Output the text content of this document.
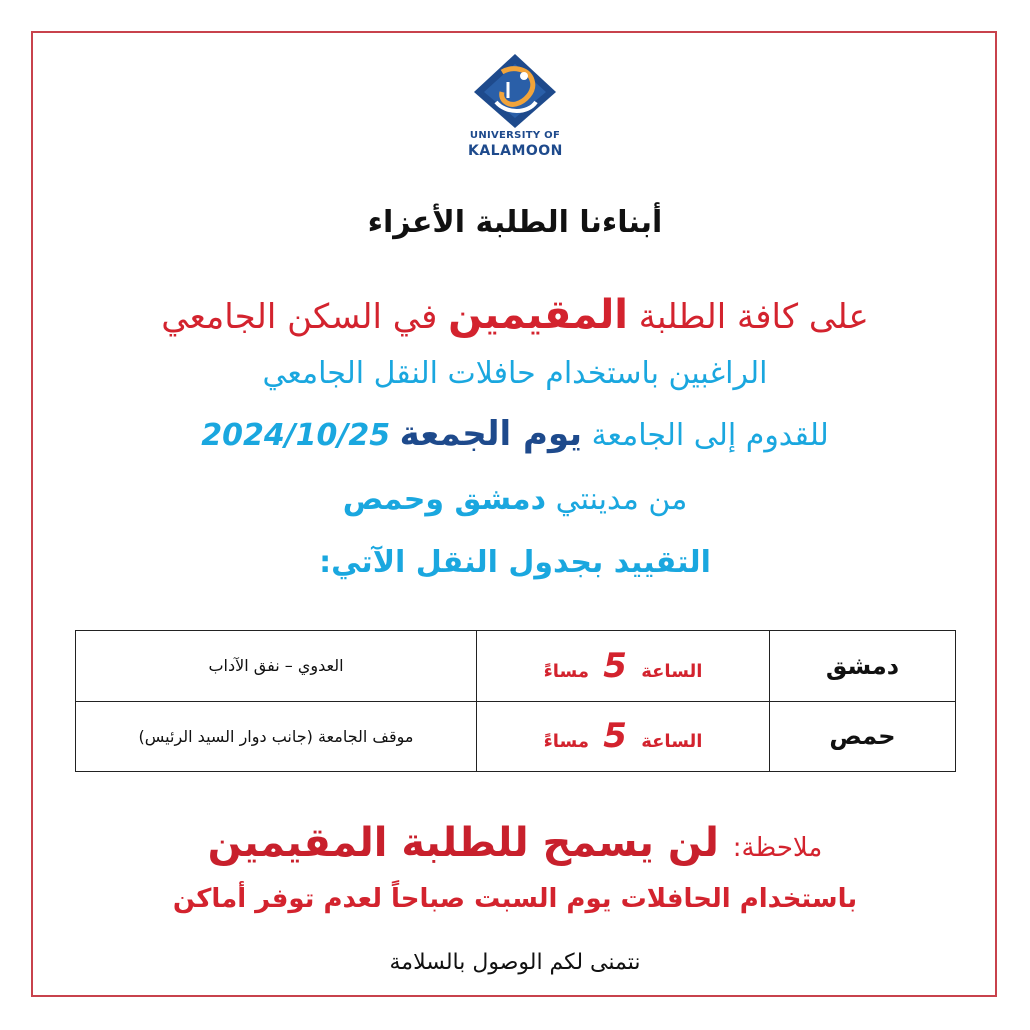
UNIVERSITY OF
KALAMOON
أبناءنا الطلبة الأعزاء
على كافة الطلبة المقيمين في السكن الجامعي
الراغبين باستخدام حافلات النقل الجامعي
للقدوم إلى الجامعة يوم الجمعة 2024/10/25
من مدينتي دمشق وحمص
التقييد بجدول النقل الآتي:
دمشق	الساعة 5 مساءً	العدوي – نفق الآداب
حمص	الساعة 5 مساءً	موقف الجامعة (جانب دوار السيد الرئيس)
ملاحظة: لن يسمح للطلبة المقيمين
باستخدام الحافلات يوم السبت صباحاً لعدم توفر أماكن
نتمنى لكم الوصول بالسلامة
